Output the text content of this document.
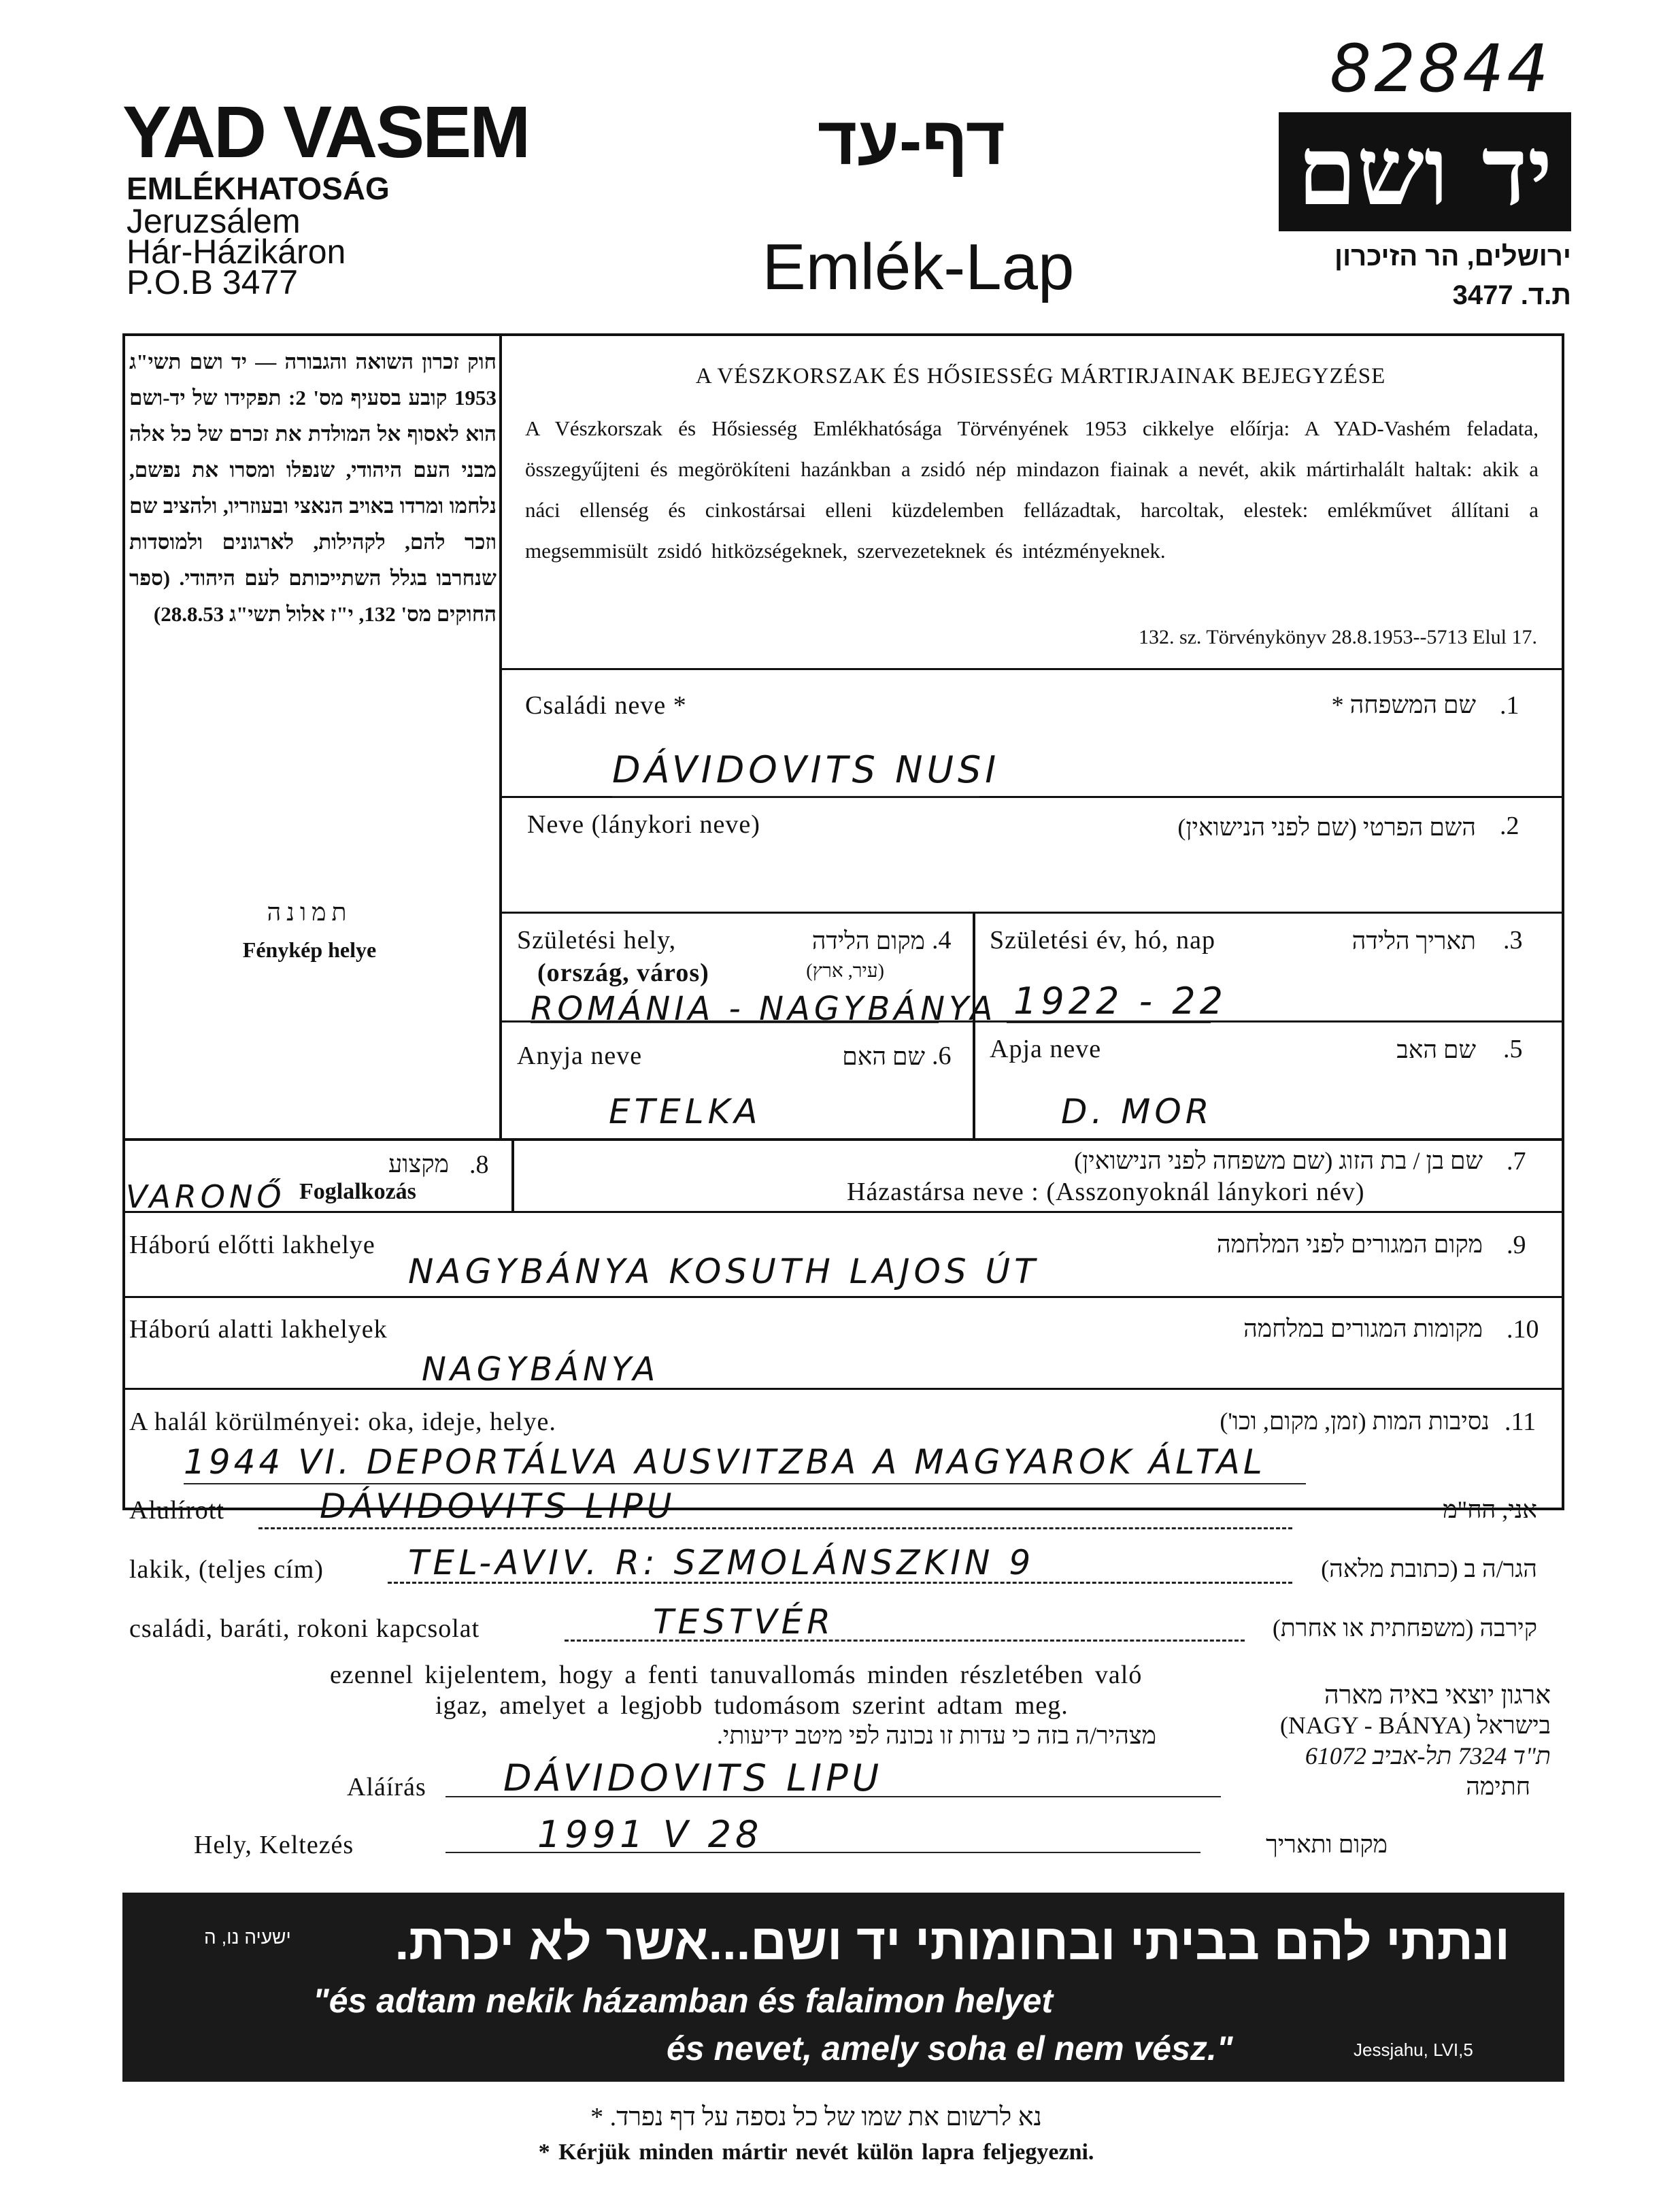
YAD VASEM
EMLÉKHATOSÁG
Jeruzsálem
Hár-Házikáron
P.O.B 3477
דף-עד
Emlék-Lap
82844
יד ושם
ירושלים, הר הזיכרון
ת.ד. 3477
חוק זכרון השואה והגבורה — יד ושם תשי"ג 1953 קובע בסעיף מס' 2: תפקידו של יד-ושם הוא לאסוף אל המולדת את זכרם של כל אלה מבני העם היהודי, שנפלו ומסרו את נפשם, נלחמו ומרדו באויב הנאצי ובעוזריו, ולהציב שם וזכר להם, לקהילות, לארגונים ולמוסדות שנחרבו בגלל השתייכותם לעם היהודי. (ספר החוקים מס' 132, י"ז אלול תשי"ג 28.8.53)
תמונה
Fénykép helye
A VÉSZKORSZAK ÉS HŐSIESSÉG MÁRTIRJAINAK BEJEGYZÉSE
A Vészkorszak és Hősiesség Emlékhatósága Törvényének 1953 cikkelye előírja: A YAD-Vashém feladata, összegyűjteni és megörökíteni hazánkban a zsidó nép mindazon fiainak a nevét, akik mártirhalált haltak: akik a náci ellenség és cinkostársai elleni küzdelemben fellázadtak, harcoltak, elestek: emlékművet állítani a megsemmisült zsidó hitközségeknek, szervezeteknek és intézményeknek.
132. sz. Törvénykönyv 28.8.1953--5713 Elul 17.
Családi neve *	שם המשפחה * .1
DÁVIDOVITS NUSI
Neve (lánykori neve)	השם הפרטי (שם לפני הנישואין) .2
Születési hely,	מקום הלידה .4
(ország, város)	(עיר, ארץ)
ROMÁNIA - NAGYBÁNYA
Születési év, hó, nap	תאריך הלידה .3
1922 - 22
Anyja neve	שם האם .6
ETELKA
Apja neve	שם האב .5
D. MOR
מקצוע .8
VARONŐ Foglalkozás
שם בן / בת הזוג (שם משפחה לפני הנישואין) .7
Házastársa neve : (Asszonyoknál lánykori név)
Háború előtti lakhelye	מקום המגורים לפני המלחמה .9
NAGYBÁNYA KOSUTH LAJOS ÚT
Háború alatti lakhelyek	מקומות המגורים במלחמה .10
NAGYBÁNYA
A halál körülményei: oka, ideje, helye.	נסיבות המות (זמן, מקום, וכו') .11
1944 VI. DEPORTÁLVA AUSVITZBA A MAGYAROK ÁLTAL
Alulírott	DÁVIDOVITS LIPU	אני, הח"מ
lakik, (teljes cím) TEL-AVIV. R: SZMOLÁNSZKIN 9	הגר/ה ב (כתובת מלאה)
családi, baráti, rokoni kapcsolat	TESTVÉR	קירבה (משפחתית או אחרת)
ezennel kijelentem, hogy a fenti tanuvallomás minden részletében való
igaz, amelyet a legjobb tudomásom szerint adtam meg.
מצהיר/ה בזה כי עדות זו נכונה לפי מיטב ידיעותי.
ארגון יוצאי באיה מארה
בישראל (NAGY - BÁNYA)
ת"ד 7324 תל-אביב 61072
Aláírás DÁVIDOVITS LIPU	חתימה
Hely, Keltezés	1991 V 28	מקום ותאריך
ונתתי להם בביתי ובחומותי יד ושם...אשר לא יכרת.
ישעיה נו, ה
"és adtam nekik házamban és falaimon helyet
és nevet, amely soha el nem vész."	Jessjahu, LVI,5
נא לרשום את שמו של כל נספה על דף נפרד. *
* Kérjük minden mártir nevét külön lapra feljegyezni.
